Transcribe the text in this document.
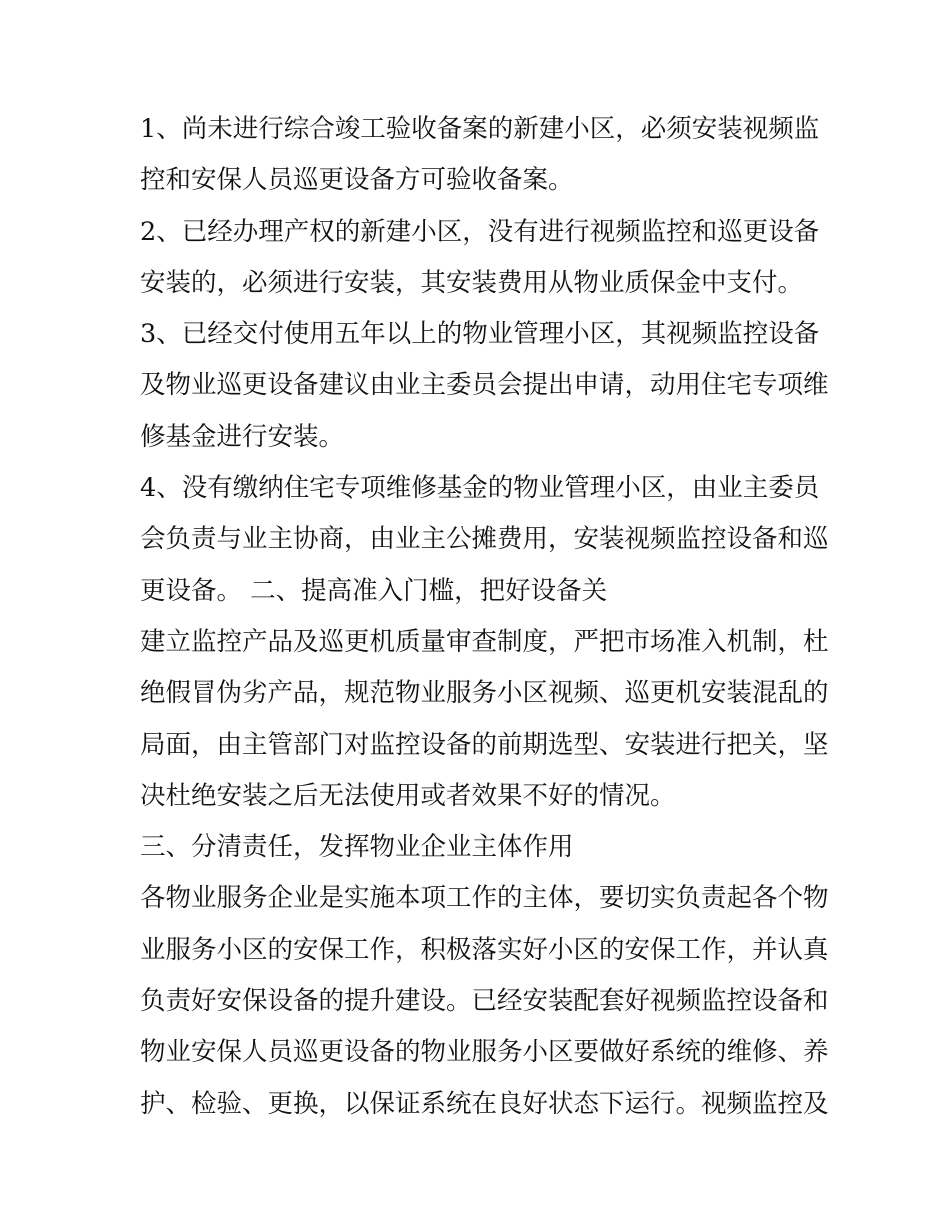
1、尚未进行综合竣工验收备案的新建小区，必须安装视频监
控和安保人员巡更设备方可验收备案。
2、已经办理产权的新建小区，没有进行视频监控和巡更设备
安装的，必须进行安装，其安装费用从物业质保金中支付。
3、已经交付使用五年以上的物业管理小区，其视频监控设备
及物业巡更设备建议由业主委员会提出申请，动用住宅专项维
修基金进行安装。
4、没有缴纳住宅专项维修基金的物业管理小区，由业主委员
会负责与业主协商，由业主公摊费用，安装视频监控设备和巡
更设备。 二、提高准入门槛，把好设备关
建立监控产品及巡更机质量审查制度，严把市场准入机制，杜
绝假冒伪劣产品，规范物业服务小区视频、巡更机安装混乱的
局面，由主管部门对监控设备的前期选型、安装进行把关，坚
决杜绝安装之后无法使用或者效果不好的情况。
三、分清责任，发挥物业企业主体作用
各物业服务企业是实施本项工作的主体，要切实负责起各个物
业服务小区的安保工作，积极落实好小区的安保工作，并认真
负责好安保设备的提升建设。已经安装配套好视频监控设备和
物业安保人员巡更设备的物业服务小区要做好系统的维修、养
护、检验、更换，以保证系统在良好状态下运行。视频监控及
